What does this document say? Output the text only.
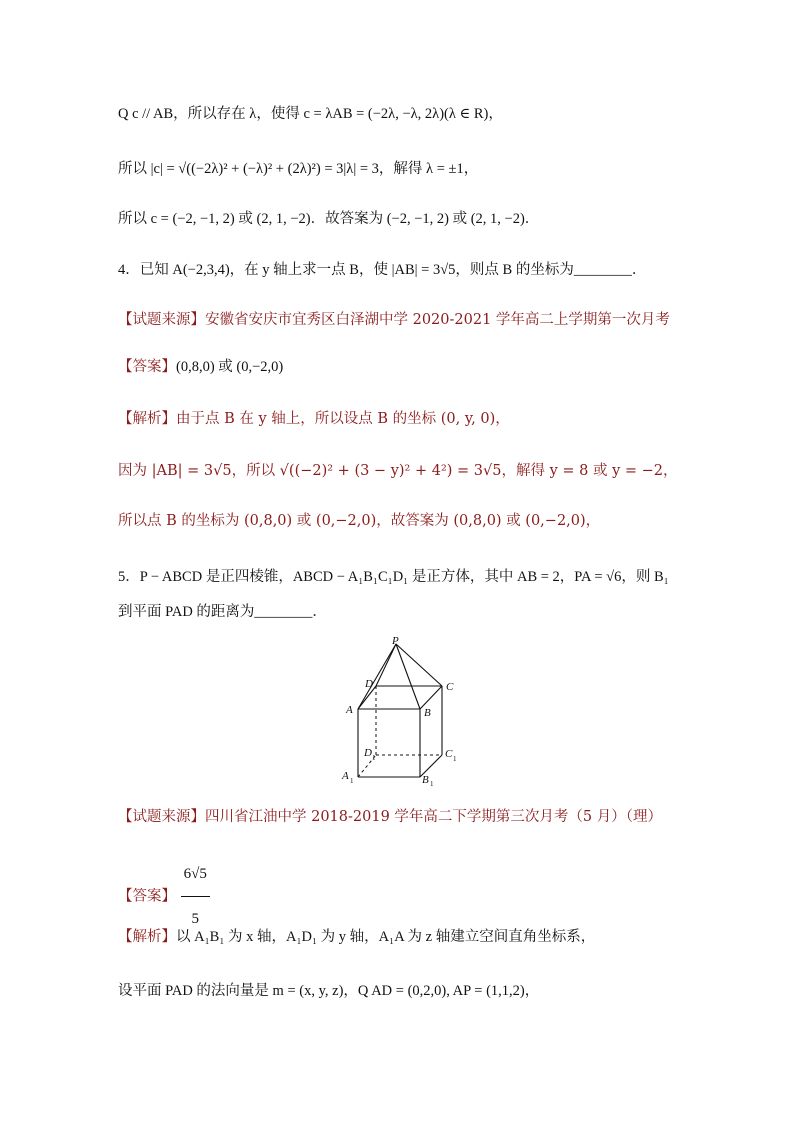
Q c // AB，所以存在 λ，使得 c = λAB = (−2λ, −λ, 2λ)(λ ∈ R)，
所以 |c| = √((−2λ)² + (−λ)² + (2λ)²) = 3|λ| = 3，解得 λ = ±1，
所以 c = (−2, −1, 2) 或 (2, 1, −2)．故答案为 (−2, −1, 2) 或 (2, 1, −2)．
4．已知 A(−2,3,4)，在 y 轴上求一点 B，使 |AB| = 3√5，则点 B 的坐标为________．
【试题来源】安徽省安庆市宜秀区白泽湖中学 2020-2021 学年高二上学期第一次月考
【答案】(0,8,0) 或 (0,−2,0)
【解析】由于点 B 在 y 轴上，所以设点 B 的坐标 (0, y, 0)，
因为 |AB| = 3√5，所以 √((−2)² + (3 − y)² + 4²) = 3√5，解得 y = 8 或 y = −2，
所以点 B 的坐标为 (0,8,0) 或 (0,−2,0)，故答案为 (0,8,0) 或 (0,−2,0)，
5．P − ABCD 是正四棱锥，ABCD − A₁B₁C₁D₁ 是正方体，其中 AB = 2，PA = √6，则 B₁
到平面 PAD 的距离为________．
P
D	C
A	B
D 1	C 1
A 1	B 1
【试题来源】四川省江油中学 2018-2019 学年高二下学期第三次月考（5 月）（理）
【答案】 $\frac{6√5}{5}$
【解析】以 A₁B₁ 为 x 轴，A₁D₁ 为 y 轴，A₁A 为 z 轴建立空间直角坐标系，
设平面 PAD 的法向量是 m = (x, y, z)，Q AD = (0,2,0), AP = (1,1,2)，
